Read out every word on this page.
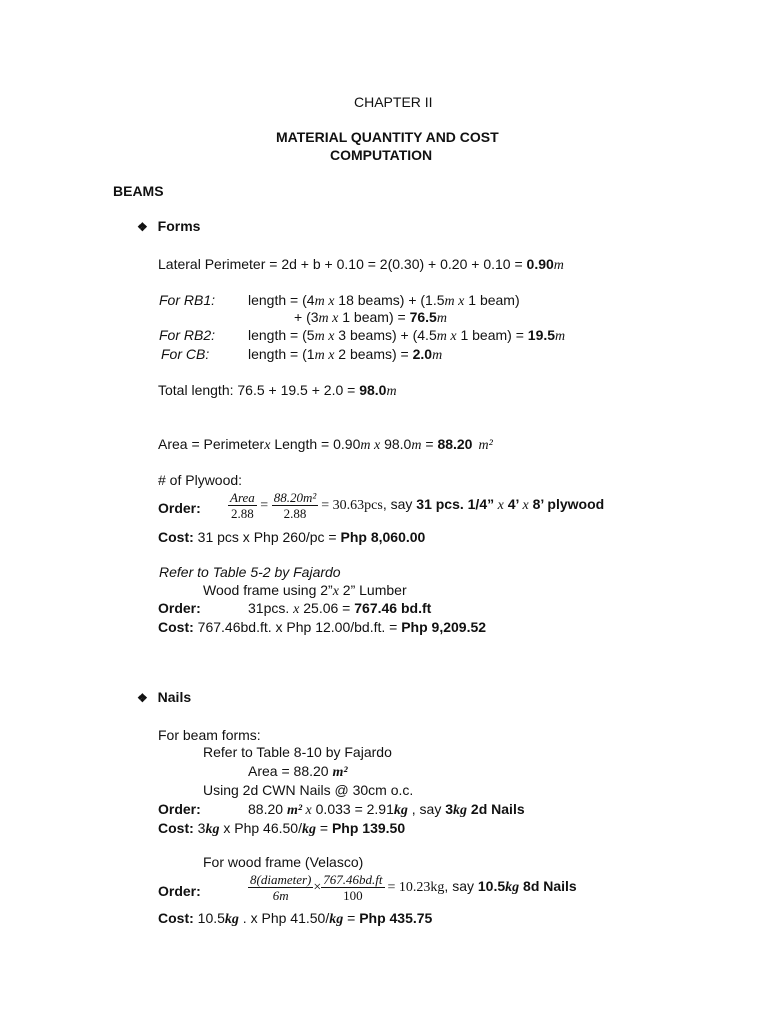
CHAPTER II
MATERIAL QUANTITY AND COST
COMPUTATION
BEAMS
❖ Forms
Lateral Perimeter = 2d + b + 0.10 = 2(0.30) + 0.20 + 0.10 = 0.90m
For RB1: length = (4m x 18 beams) + (1.5m x 1 beam)
+ (3m x 1 beam) = 76.5m
For RB2: length = (5m x 3 beams) + (4.5m x 1 beam) = 19.5m
For CB:	length = (1m x 2 beams) = 2.0m
Total length: 76.5 + 19.5 + 2.0 = 98.0m
Area = Perimeterx Length = 0.90m x 98.0m = 88.20 m²
# of Plywood:
Order: $\frac{\text{Area}}{2.88} = \frac{\text{88.20m²}}{2.88} = 30.63pcs$, say 31 pcs. 1/4” x 4’ x 8’ plywood
Cost: 31 pcs x Php 260/pc = Php 8,060.00
Refer to Table 5-2 by Fajardo
Wood frame using 2”x 2” Lumber
Order:	31pcs. x 25.06 = 767.46 bd.ft
Cost: 767.46bd.ft. x Php 12.00/bd.ft. = Php 9,209.52
❖ Nails
For beam forms:
Refer to Table 8-10 by Fajardo
Area = 88.20 m²
Using 2d CWN Nails @ 30cm o.c.
Order:	88.20 m² x 0.033 = 2.91kg , say 3kg 2d Nails
Cost: 3kg x Php 46.50/kg = Php 139.50
For wood frame (Velasco)
Order:	$\frac{\text{8(diameter)}}{6m} \times \frac{767.46bd.ft}{100} = 10.23kg$, say 10.5kg 8d Nails
Cost: 10.5kg . x Php 41.50/kg = Php 435.75
